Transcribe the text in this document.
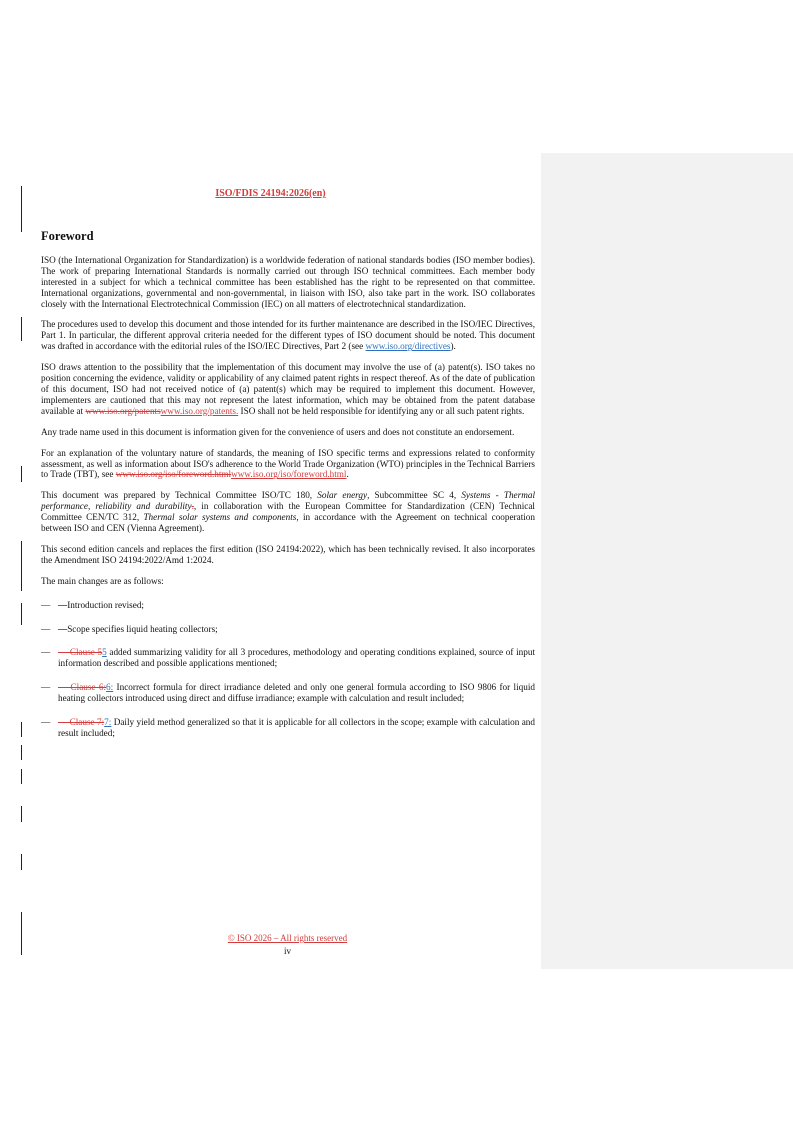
ISO/FDIS 24194:2026(en)
Foreword

ISO (the International Organization for Standardization) is a worldwide federation of national standards bodies (ISO member bodies). The work of preparing International Standards is normally carried out through ISO technical committees. Each member body interested in a subject for which a technical committee has been established has the right to be represented on that committee. International organizations, governmental and non-governmental, in liaison with ISO, also take part in the work. ISO collaborates closely with the International Electrotechnical Commission (IEC) on all matters of electrotechnical standardization.

The procedures used to develop this document and those intended for its further maintenance are described in the ISO/IEC Directives, Part 1. In particular, the different approval criteria needed for the different types of ISO document should be noted. This document was drafted in accordance with the editorial rules of the ISO/IEC Directives, Part 2 (see www.iso.org/directives).

ISO draws attention to the possibility that the implementation of this document may involve the use of (a) patent(s). ISO takes no position concerning the evidence, validity or applicability of any claimed patent rights in respect thereof. As of the date of publication of this document, ISO had not received notice of (a) patent(s) which may be required to implement this document. However, implementers are cautioned that this may not represent the latest information, which may be obtained from the patent database available at www.iso.org/patentswww.iso.org/patents. ISO shall not be held responsible for identifying any or all such patent rights.

Any trade name used in this document is information given for the convenience of users and does not constitute an endorsement.

For an explanation of the voluntary nature of standards, the meaning of ISO specific terms and expressions related to conformity assessment, as well as information about ISO's adherence to the World Trade Organization (WTO) principles in the Technical Barriers to Trade (TBT), see www.iso.org/iso/foreword.htmlwww.iso.org/iso/foreword.html.

This document was prepared by Technical Committee ISO/TC 180, Solar energy, Subcommittee SC 4, Systems - Thermal performance, reliability and durability‌., in collaboration with the European Committee for Standardization (CEN) Technical Committee CEN/TC 312, Thermal solar systems and components, in accordance with the Agreement on technical cooperation between ISO and CEN (Vienna Agreement).

This second edition cancels and replaces the first edition (ISO 24194:2022), which has been technically revised. It also incorporates the Amendment ISO 24194:2022/Amd 1:2024.

The main changes are as follows:

— —Introduction revised;
— —Scope specifies liquid heating collectors;
— — Clause 55 added summarizing validity for all 3 procedures, methodology and operating conditions explained, source of input information described and possible applications mentioned;
— — Clause 6:6: Incorrect formula for direct irradiance deleted and only one general formula according to ISO 9806 for liquid heating collectors introduced using direct and diffuse irradiance; example with calculation and result included;
— — Clause 7:7: Daily yield method generalized so that it is applicable for all collectors in the scope; example with calculation and result included;
© ISO 2026 – All rights reserved
iv
